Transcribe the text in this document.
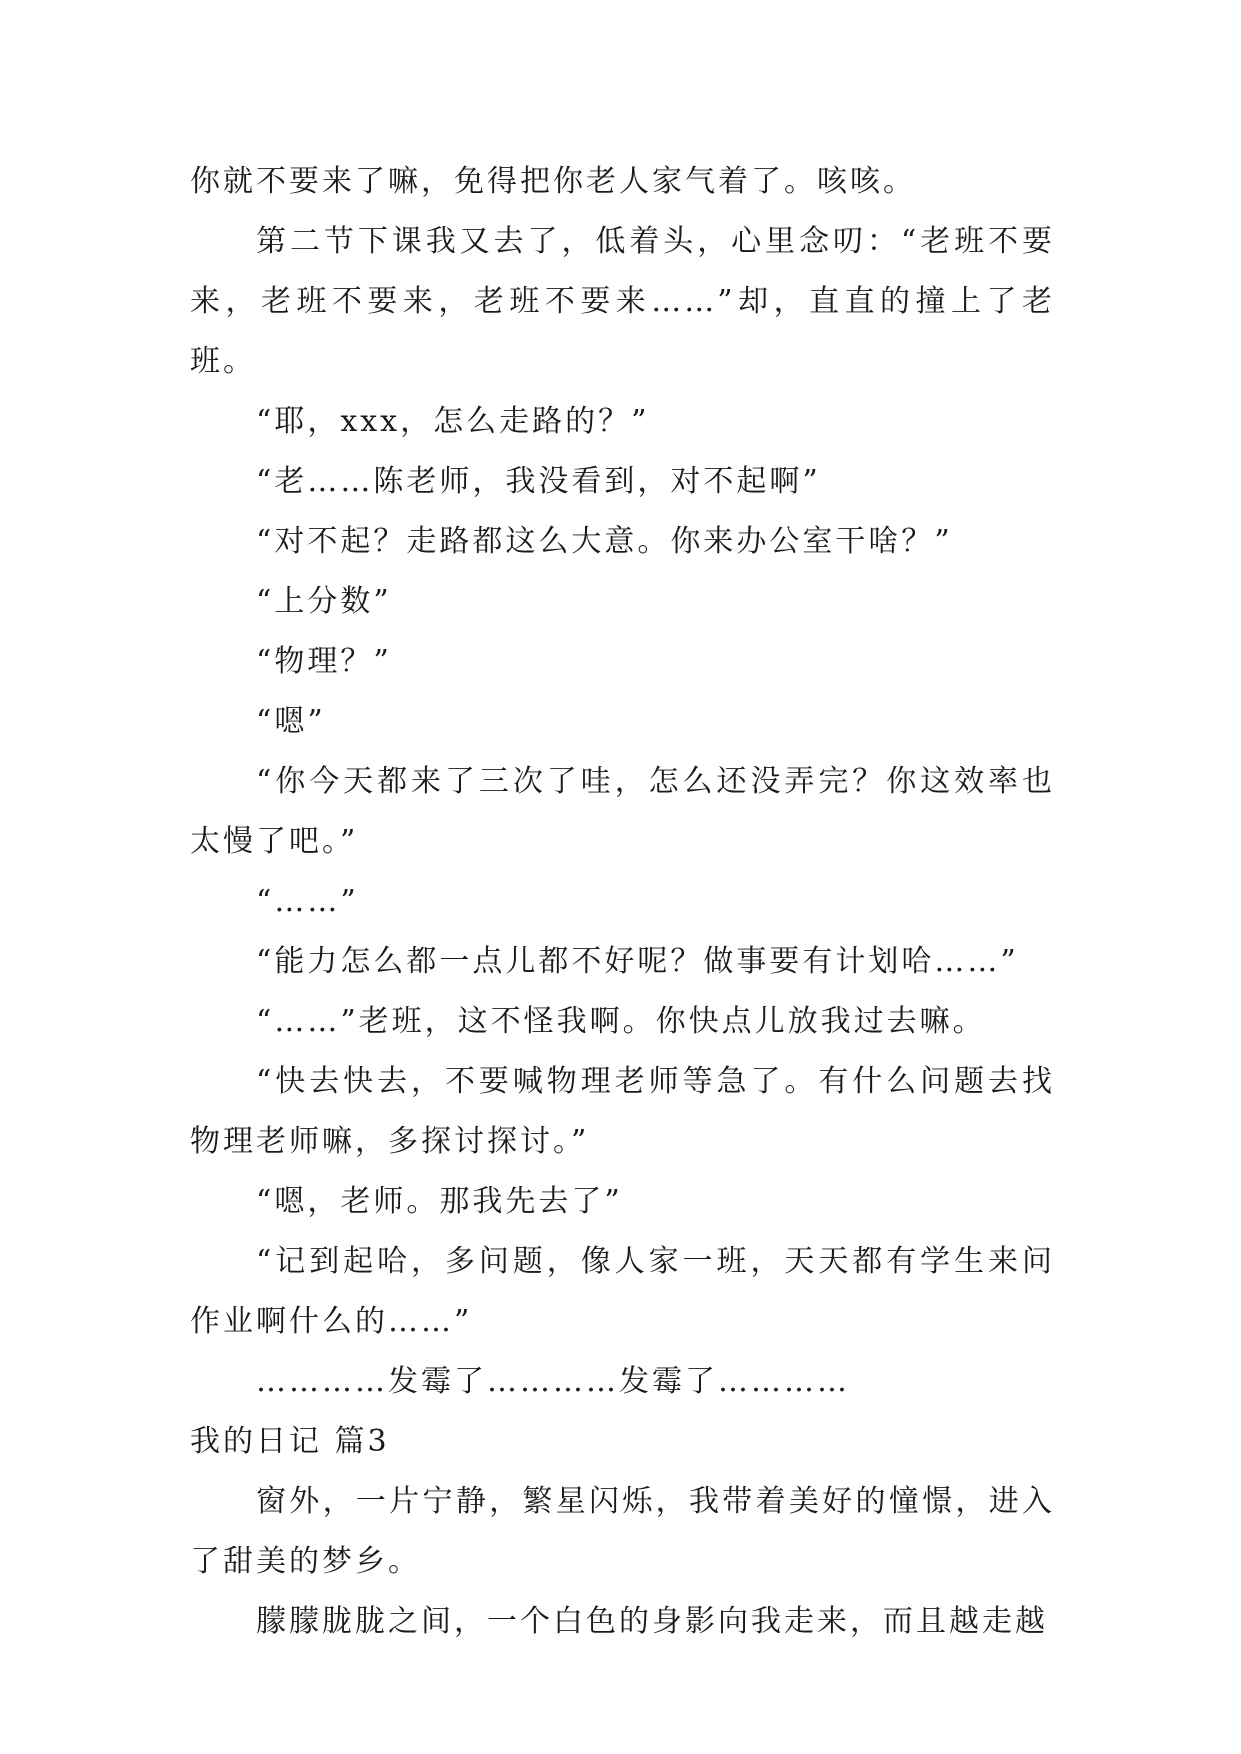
你就不要来了嘛，免得把你老人家气着了。咳咳。

第二节下课我又去了，低着头，心里念叨：“老班不要来，老班不要来，老班不要来……”却，直直的撞上了老班。

“耶，xxx，怎么走路的？”

“老……陈老师，我没看到，对不起啊”

“对不起？走路都这么大意。你来办公室干啥？”

“上分数”

“物理？”

“嗯”

“你今天都来了三次了哇，怎么还没弄完？你这效率也太慢了吧。”

“……”

“能力怎么都一点儿都不好呢？做事要有计划哈……”

“……”老班，这不怪我啊。你快点儿放我过去嘛。

“快去快去，不要喊物理老师等急了。有什么问题去找物理老师嘛，多探讨探讨。”

“嗯，老师。那我先去了”

“记到起哈，多问题，像人家一班，天天都有学生来问作业啊什么的……”

…………发霉了…………发霉了…………

我的日记 篇3

窗外，一片宁静，繁星闪烁，我带着美好的憧憬，进入了甜美的梦乡。

朦朦胧胧之间，一个白色的身影向我走来，而且越走越
